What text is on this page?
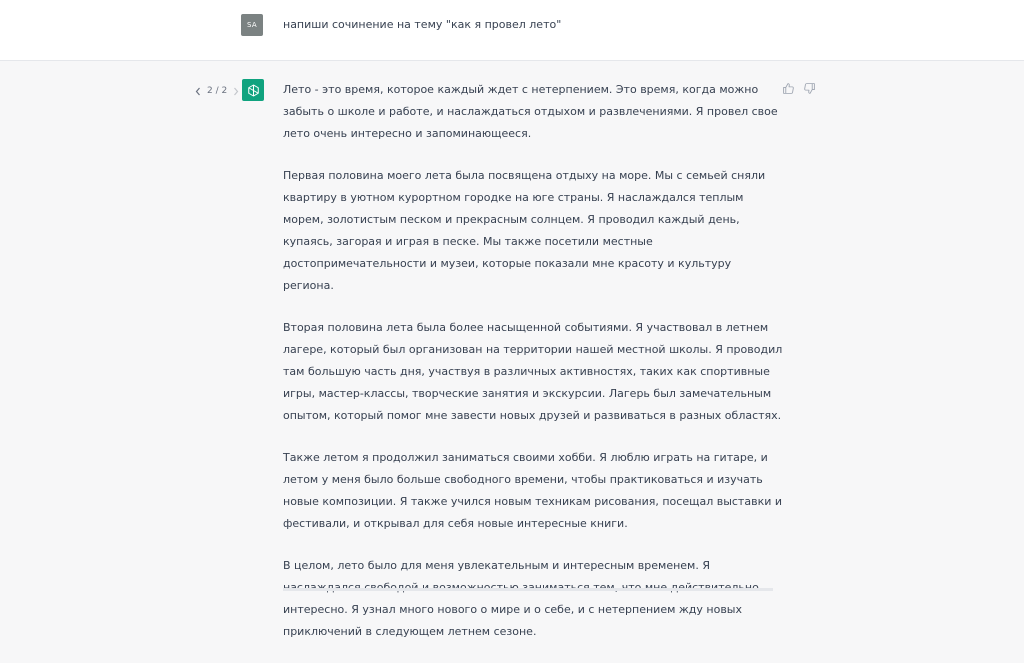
SA напиши сочинение на тему "как я провел лето"
2 / 2	Лето - это время, которое каждый ждет с нетерпением. Это время, когда можно забыть о школе и работе, и наслаждаться отдыхом и развлечениями. Я провел свое лето очень интересно и запоминающееся.

Первая половина моего лета была посвящена отдыху на море. Мы с семьей сняли квартиру в уютном курортном городке на юге страны. Я наслаждался теплым морем, золотистым песком и прекрасным солнцем. Я проводил каждый день, купаясь, загорая и играя в песке. Мы также посетили местные достопримечательности и музеи, которые показали мне красоту и культуру региона.

Вторая половина лета была более насыщенной событиями. Я участвовал в летнем лагере, который был организован на территории нашей местной школы. Я проводил там большую часть дня, участвуя в различных активностях, таких как спортивные игры, мастер-классы, творческие занятия и экскурсии. Лагерь был замечательным опытом, который помог мне завести новых друзей и развиваться в разных областях.

Также летом я продолжил заниматься своими хобби. Я люблю играть на гитаре, и летом у меня было больше свободного времени, чтобы практиковаться и изучать новые композиции. Я также учился новым техникам рисования, посещал выставки и фестивали, и открывал для себя новые интересные книги.

В целом, лето было для меня увлекательным и интересным временем. Я интересно. Я узнал много нового о мире и о себе, и с нетерпением жду новых приключений в следующем летнем сезоне.
